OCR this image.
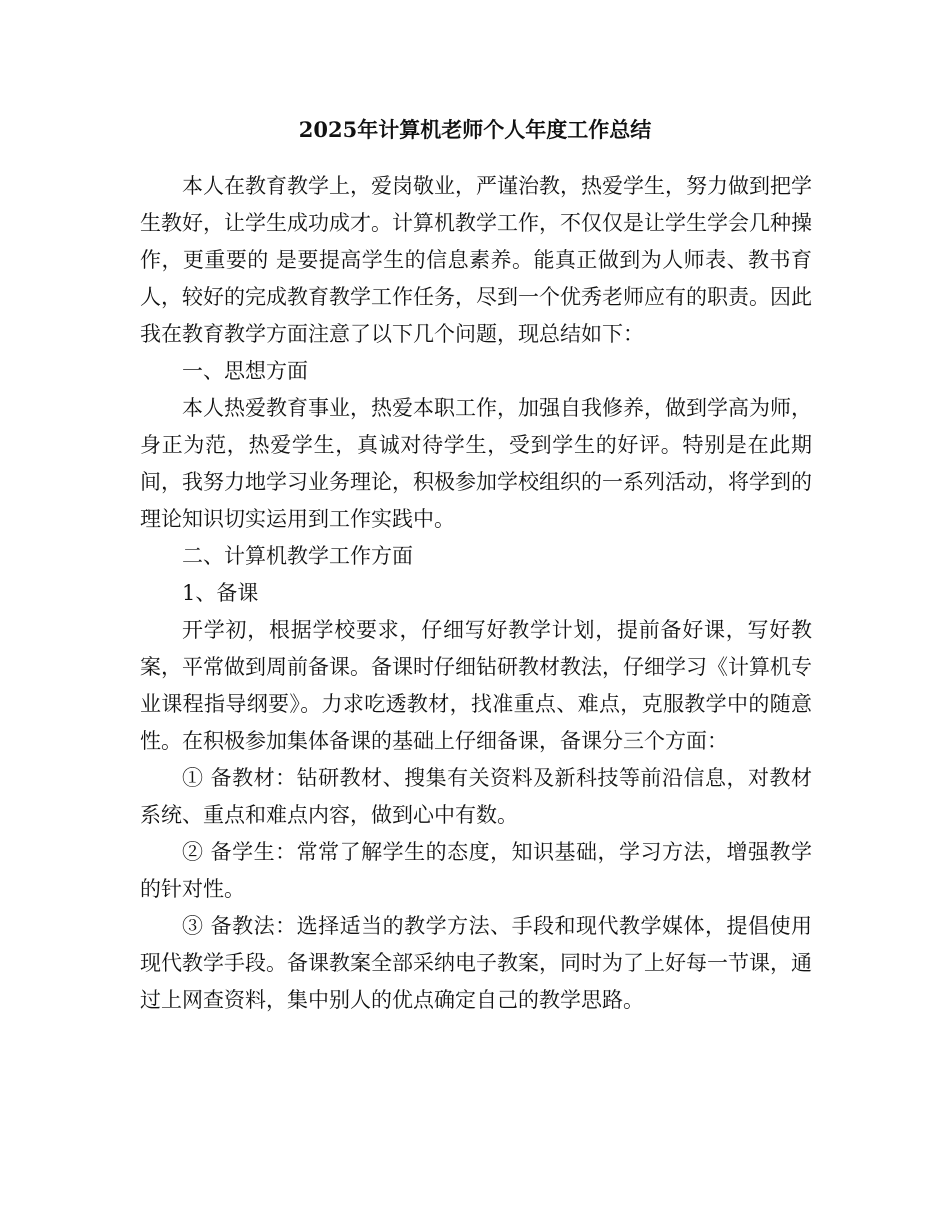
2025年计算机老师个人年度工作总结

本人在教育教学上，爱岗敬业，严谨治教，热爱学生，努力做到把学生教好，让学生成功成才。计算机教学工作，不仅仅是让学生学会几种操作，更重要的 是要提高学生的信息素养。能真正做到为人师表、教书育人，较好的完成教育教学工作任务，尽到一个优秀老师应有的职责。因此我在教育教学方面注意了以下几个问题，现总结如下：

一、思想方面

本人热爱教育事业，热爱本职工作，加强自我修养，做到学高为师，身正为范，热爱学生，真诚对待学生，受到学生的好评。特别是在此期间，我努力地学习业务理论，积极参加学校组织的一系列活动，将学到的理论知识切实运用到工作实践中。

二、计算机教学工作方面

1、备课

开学初，根据学校要求，仔细写好教学计划，提前备好课，写好教案，平常做到周前备课。备课时仔细钻研教材教法，仔细学习《计算机专业课程指导纲要》。力求吃透教材，找准重点、难点，克服教学中的随意性。在积极参加集体备课的基础上仔细备课，备课分三个方面：

① 备教材：钻研教材、搜集有关资料及新科技等前沿信息，对教材系统、重点和难点内容，做到心中有数。

② 备学生：常常了解学生的态度，知识基础，学习方法，增强教学的针对性。

③ 备教法：选择适当的教学方法、手段和现代教学媒体，提倡使用现代教学手段。备课教案全部采纳电子教案，同时为了上好每一节课，通过上网查资料，集中别人的优点确定自己的教学思路。
